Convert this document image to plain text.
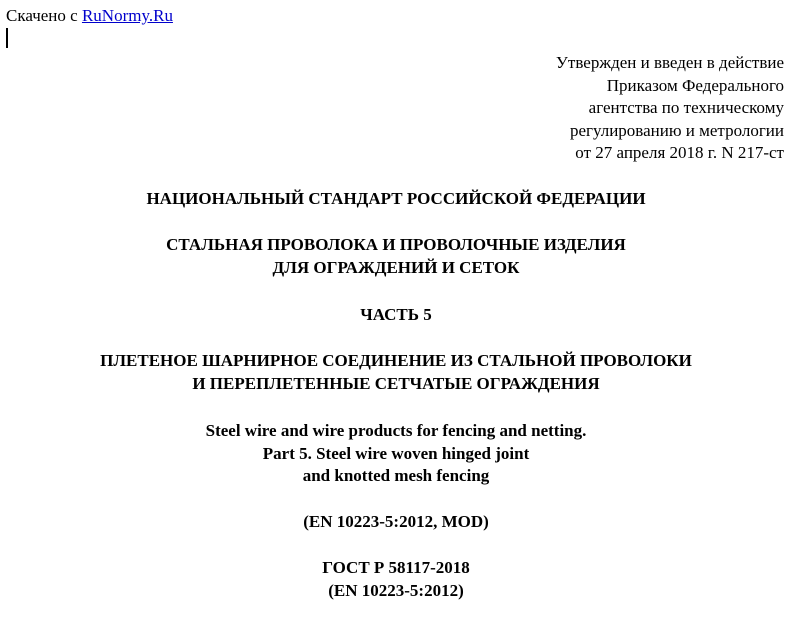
Скачено с RuNormy.Ru
Утвержден и введен в действие
Приказом Федерального
агентства по техническому
регулированию и метрологии
от 27 апреля 2018 г. N 217-ст
НАЦИОНАЛЬНЫЙ СТАНДАРТ РОССИЙСКОЙ ФЕДЕРАЦИИ
СТАЛЬНАЯ ПРОВОЛОКА И ПРОВОЛОЧНЫЕ ИЗДЕЛИЯ
ДЛЯ ОГРАЖДЕНИЙ И СЕТОК
ЧАСТЬ 5
ПЛЕТЕНОЕ ШАРНИРНОЕ СОЕДИНЕНИЕ ИЗ СТАЛЬНОЙ ПРОВОЛОКИ
И ПЕРЕПЛЕТЕННЫЕ СЕТЧАТЫЕ ОГРАЖДЕНИЯ
Steel wire and wire products for fencing and netting.
Part 5. Steel wire woven hinged joint
and knotted mesh fencing
(EN 10223-5:2012, MOD)
ГОСТ Р 58117-2018
(EN 10223-5:2012)
